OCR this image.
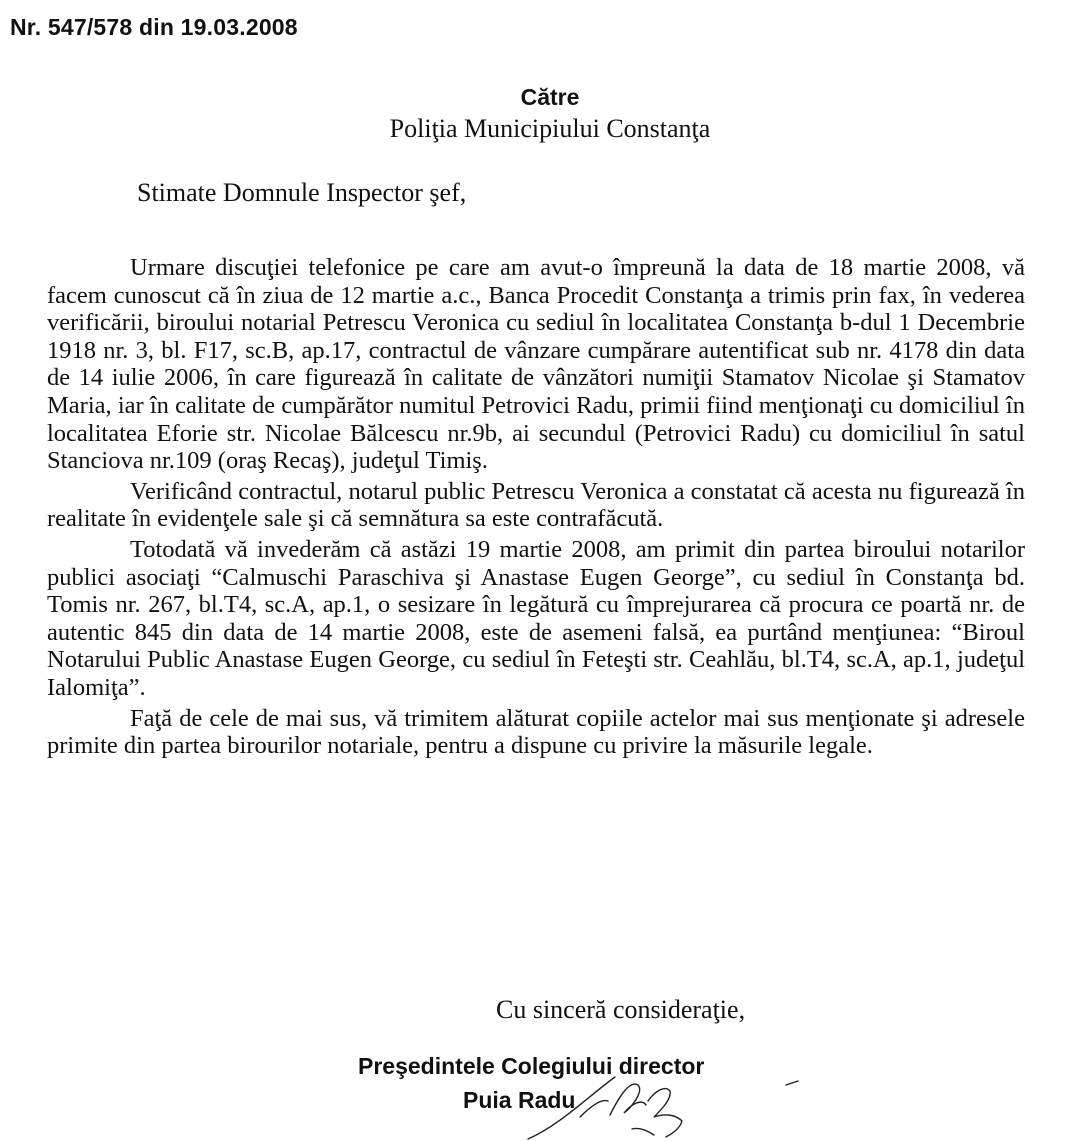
Nr. 547/578 din 19.03.2008
Către
Poliţia Municipiului Constanţa
Stimate Domnule Inspector şef,

Urmare discuţiei telefonice pe care am avut-o împreună la data de 18 martie 2008, vă facem cunoscut că în ziua de 12 martie a.c., Banca Procedit Constanţa a trimis prin fax, în vederea verificării, biroului notarial Petrescu Veronica cu sediul în localitatea Constanţa b-dul 1 Decembrie 1918 nr. 3, bl. F17, sc.B, ap.17, contractul de vânzare cumpărare autentificat sub nr. 4178 din data de 14 iulie 2006, în care figurează în calitate de vânzători numiţii Stamatov Nicolae şi Stamatov Maria, iar în calitate de cumpărător numitul Petrovici Radu, primii fiind menţionaţi cu domiciliul în localitatea Eforie str. Nicolae Bălcescu nr.9b, ai secundul (Petrovici Radu) cu domiciliul în satul Stanciova nr.109 (oraş Recaş), judeţul Timiş.

Verificând contractul, notarul public Petrescu Veronica a constatat că acesta nu figurează în realitate în evidenţele sale şi că semnătura sa este contrafăcută.

Totodată vă invederăm că astăzi 19 martie 2008, am primit din partea biroului notarilor publici asociaţi “Calmuschi Paraschiva şi Anastase Eugen George”, cu sediul în Constanţa bd. Tomis nr. 267, bl.T4, sc.A, ap.1, o sesizare în legătură cu împrejurarea că procura ce poartă nr. de autentic 845 din data de 14 martie 2008, este de asemeni falsă, ea purtând menţiunea: “Biroul Notarului Public Anastase Eugen George, cu sediul în Feteşti str. Ceahlău, bl.T4, sc.A, ap.1, judeţul Ialomiţa”.

Faţă de cele de mai sus, vă trimitem alăturat copiile actelor mai sus menţionate şi adresele primite din partea birourilor notariale, pentru a dispune cu privire la măsurile legale.

Cu sinceră consideraţie,
Preşedintele Colegiului director
Puia Radu
